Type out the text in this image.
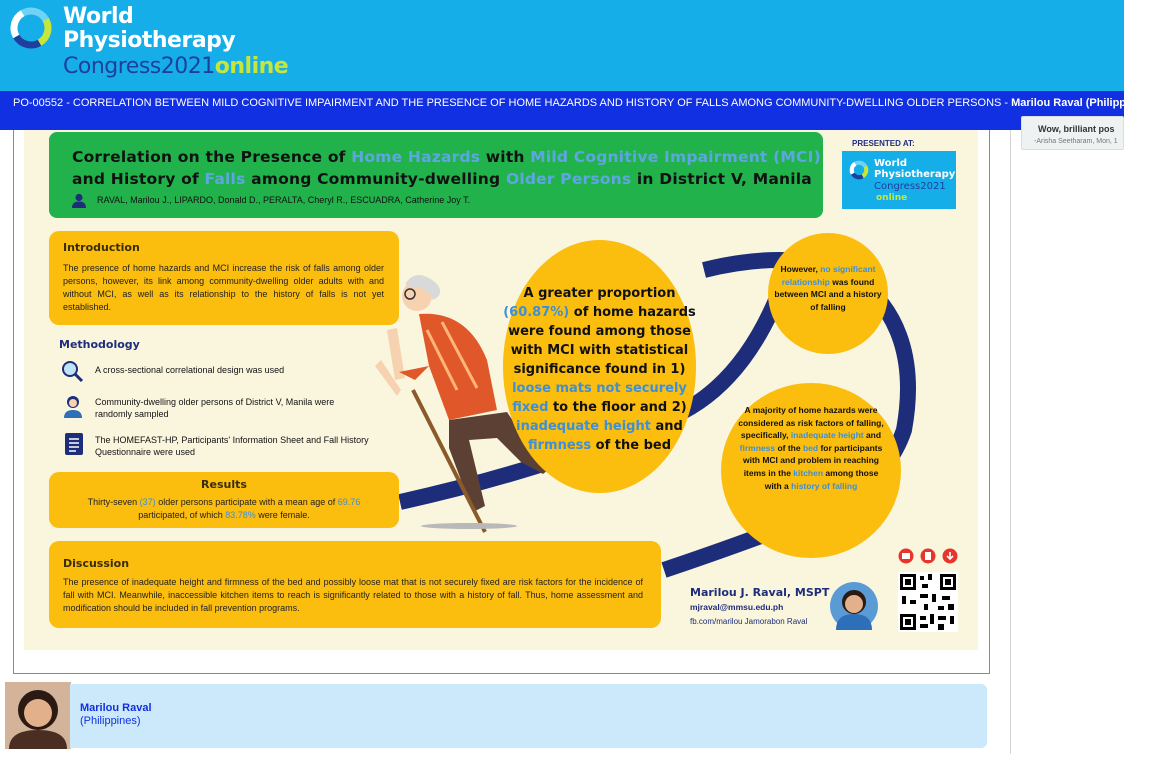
World
Physiotherapy
Congress2021online
PO-00552 - CORRELATION BETWEEN MILD COGNITIVE IMPAIRMENT AND THE PRESENCE OF HOME HAZARDS AND HISTORY OF FALLS AMONG COMMUNITY-DWELLING OLDER PERSONS - Marilou Raval (Philippines)
Wow, brilliant pos
-Arisha Seetharam, Mon, 1
Correlation on the Presence of Home Hazards with Mild Cognitive Impairment (MCI)
and History of Falls among Community-dwelling Older Persons in District V, Manila
RAVAL, Marilou J., LIPARDO, Donald D., PERALTA, Cheryl R., ESCUADRA, Catherine Joy T.
PRESENTED AT:
World
Physiotherapy
Congress2021
online
Introduction
The presence of home hazards and MCI increase the risk of falls among older persons, however, its link among community-dwelling older adults with and without MCI, as well as its relationship to the history of falls is not yet established.
Methodology
A cross-sectional correlational design was used
Community-dwelling older persons of District V, Manila were randomly sampled
The HOMEFAST-HP, Participants' Information Sheet and Fall History Questionnaire were used
Results
Thirty-seven (37) older persons participate with a mean age of 69.76 participated, of which 83.78% were female.
A greater proportion (60.87%) of home hazards were found among those with MCI with statistical significance found in 1) loose mats not securely fixed to the floor and 2) inadequate height and firmness of the bed
However, no significant relationship was found between MCI and a history of falling
A majority of home hazards were considered as risk factors of falling, specifically, inadequate height and firmness of the bed for participants with MCI and problem in reaching items in the kitchen among those with a history of falling
Discussion
The presence of inadequate height and firmness of the bed and possibly loose mat that is not securely fixed are risk factors for the incidence of fall with MCI. Meanwhile, inaccessible kitchen items to reach is significantly related to those with a history of fall. Thus, home assessment and modification should be included in fall prevention programs.
Marilou J. Raval, MSPT
mjraval@mmsu.edu.ph
fb.com/marilou Jamorabon Raval
Marilou Raval
(Philippines)
